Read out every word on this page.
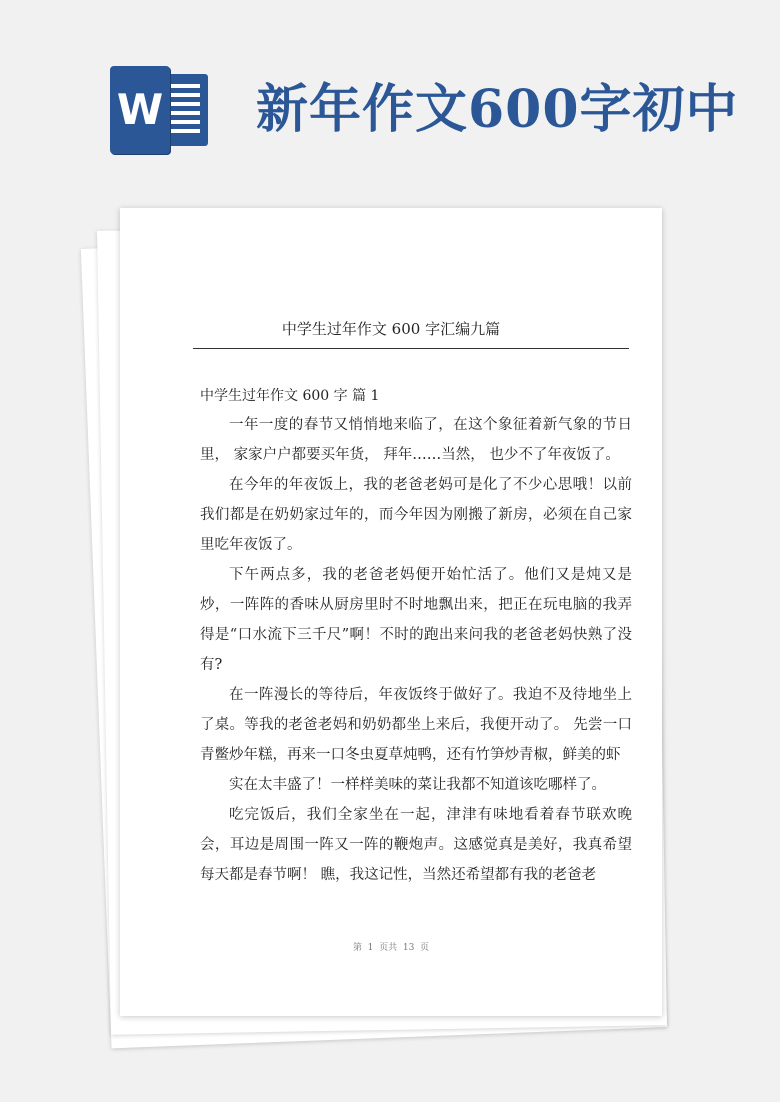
W 新年作文600字初中
中学生过年作文 600 字汇编九篇
中学生过年作文 600 字 篇 1

一年一度的春节又悄悄地来临了，在这个象征着新气象的节日里， 家家户户都要买年货， 拜年……当然， 也少不了年夜饭了。

在今年的年夜饭上，我的老爸老妈可是化了不少心思哦！以前我们都是在奶奶家过年的，而今年因为刚搬了新房，必须在自己家里吃年夜饭了。

下午两点多，我的老爸老妈便开始忙活了。他们又是炖又是炒，一阵阵的香味从厨房里时不时地飘出来，把正在玩电脑的我弄得是“口水流下三千尺”啊！不时的跑出来问我的老爸老妈快熟了没有?

在一阵漫长的等待后，年夜饭终于做好了。我迫不及待地坐上了桌。等我的老爸老妈和奶奶都坐上来后，我便开动了。 先尝一口青鳖炒年糕，再来一口冬虫夏草炖鸭，还有竹笋炒青椒，鲜美的虾

实在太丰盛了！一样样美味的菜让我都不知道该吃哪样了。

吃完饭后，我们全家坐在一起，津津有味地看着春节联欢晚会，耳边是周围一阵又一阵的鞭炮声。这感觉真是美好，我真希望每天都是春节啊！ 瞧，我这记性，当然还希望都有我的老爸老

第  1  页共  13  页
